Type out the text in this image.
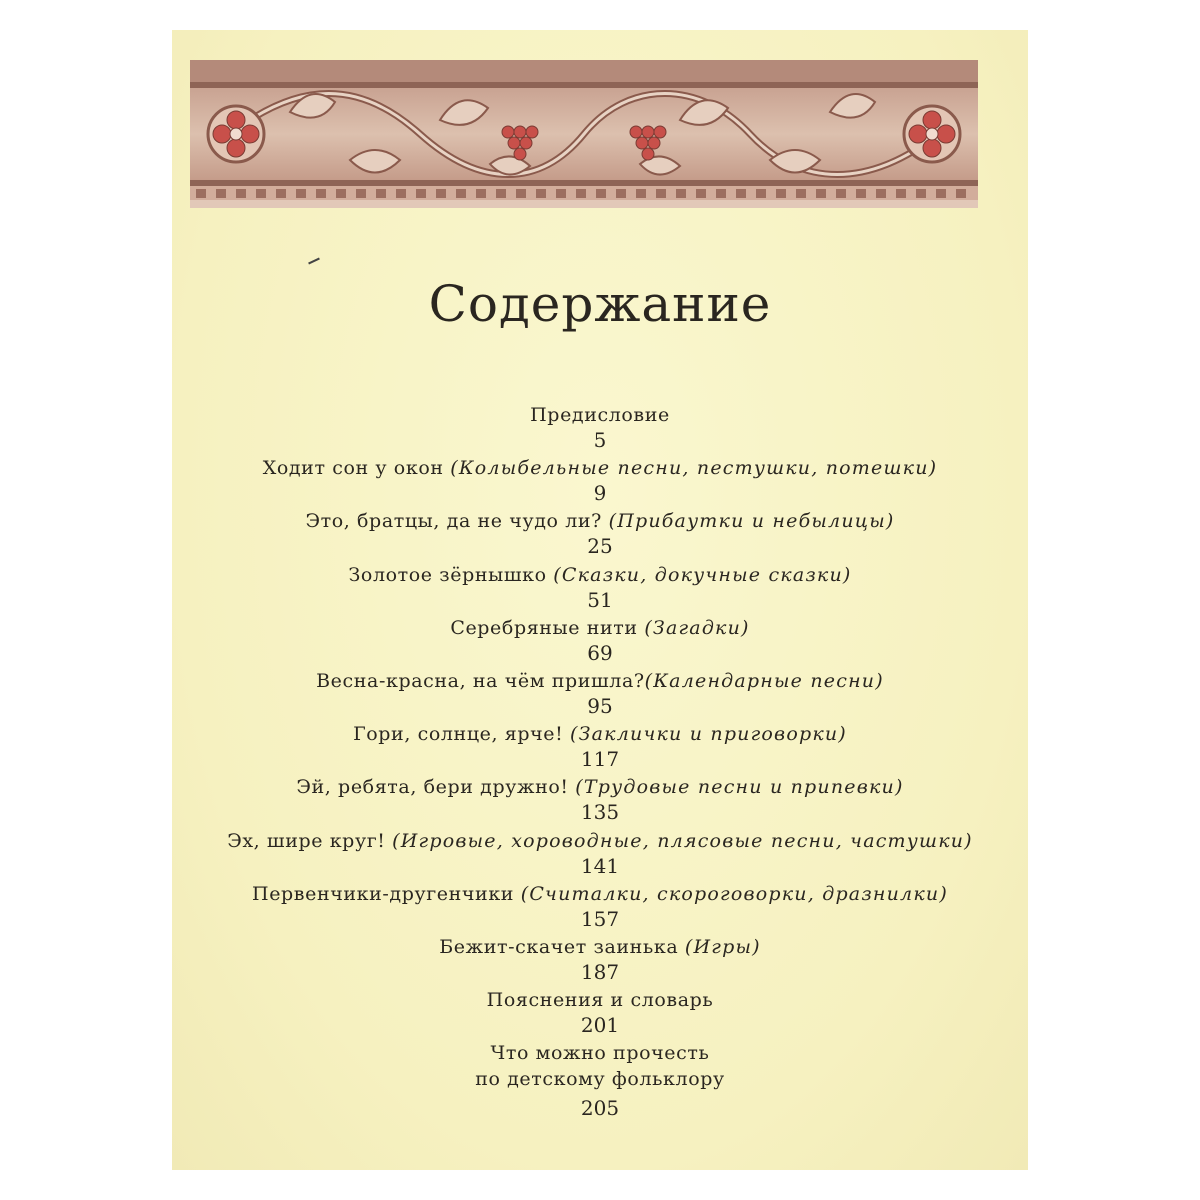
Содержание
Предисловие
5
Ходит сон у окон (Колыбельные песни, пестушки, потешки)
9
Это, братцы, да не чудо ли? (Прибаутки и небылицы)
25
Золотое зёрнышко (Сказки, докучные сказки)
51
Серебряные нити (Загадки)
69
Весна-красна, на чём пришла?(Календарные песни)
95
Гори, солнце, ярче! (Заклички и приговорки)
117
Эй, ребята, бери дружно! (Трудовые песни и припевки)
135
Эх, шире круг! (Игровые, хороводные, плясовые песни, частушки)
141
Первенчики-другенчики (Считалки, скороговорки, дразнилки)
157
Бежит-скачет заинька (Игры)
187
Пояснения и словарь
201
Что можно прочесть
по детскому фольклору
205
